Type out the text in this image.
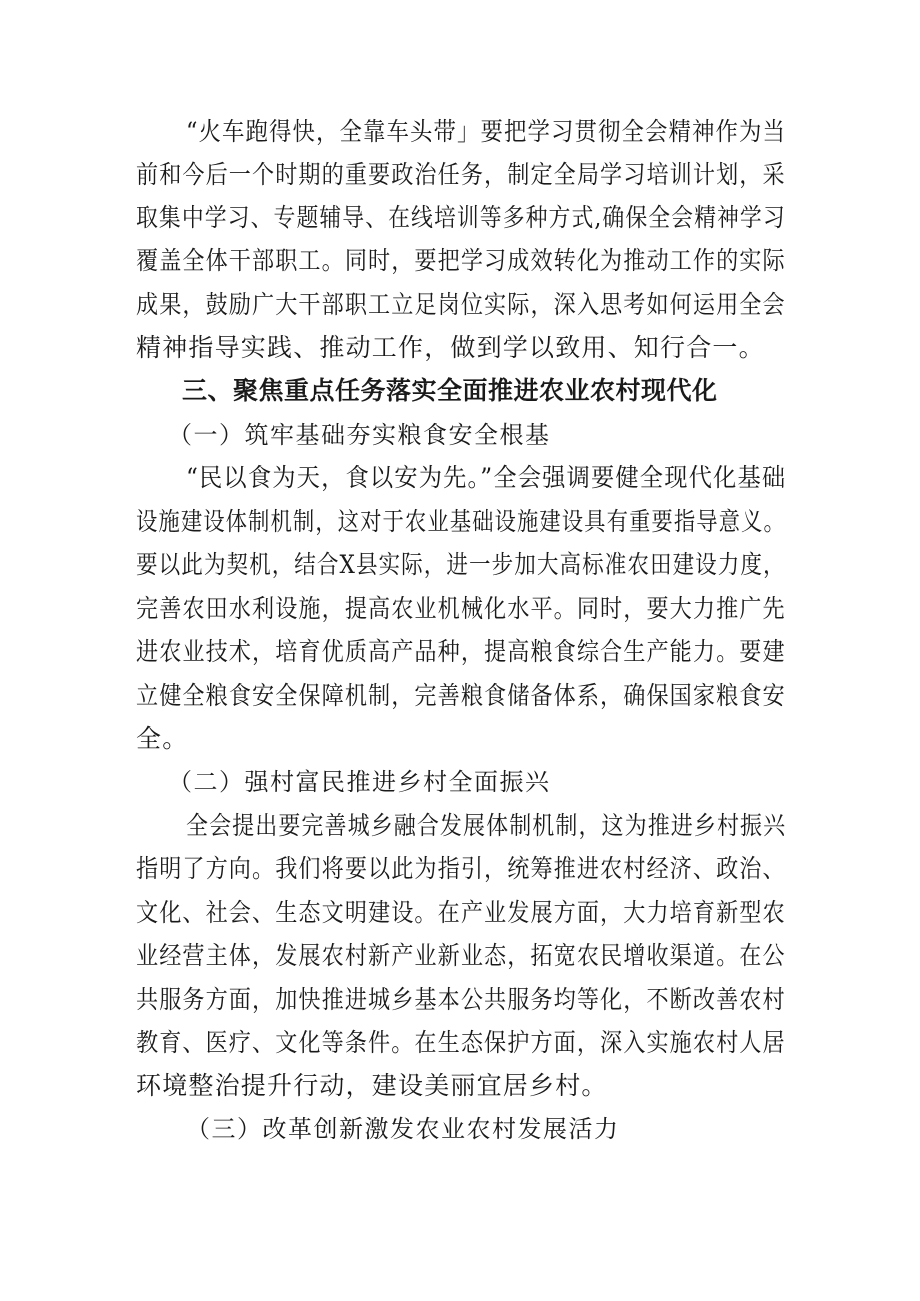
“火车跑得快，全靠车头带」要把学习贯彻全会精神作为当
前和今后一个时期的重要政治任务，制定全局学习培训计划，采
取集中学习、专题辅导、在线培训等多种方式,确保全会精神学习
覆盖全体干部职工。同时，要把学习成效转化为推动工作的实际
成果，鼓励广大干部职工立足岗位实际，深入思考如何运用全会
精神指导实践、推动工作，做到学以致用、知行合一。
三、聚焦重点任务落实全面推进农业农村现代化
（一）筑牢基础夯实粮食安全根基
“民以食为天，食以安为先。”全会强调要健全现代化基础
设施建设体制机制，这对于农业基础设施建设具有重要指导意义。
要以此为契机，结合X县实际，进一步加大高标准农田建设力度，
完善农田水利设施，提高农业机械化水平。同时，要大力推广先
进农业技术，培育优质高产品种，提高粮食综合生产能力。要建
立健全粮食安全保障机制，完善粮食储备体系，确保国家粮食安
全。
（二）强村富民推进乡村全面振兴
全会提出要完善城乡融合发展体制机制，这为推进乡村振兴
指明了方向。我们将要以此为指引，统筹推进农村经济、政治、
文化、社会、生态文明建设。在产业发展方面，大力培育新型农
业经营主体，发展农村新产业新业态，拓宽农民增收渠道。在公
共服务方面，加快推进城乡基本公共服务均等化，不断改善农村
教育、医疗、文化等条件。在生态保护方面，深入实施农村人居
环境整治提升行动，建设美丽宜居乡村。
（三）改革创新激发农业农村发展活力
